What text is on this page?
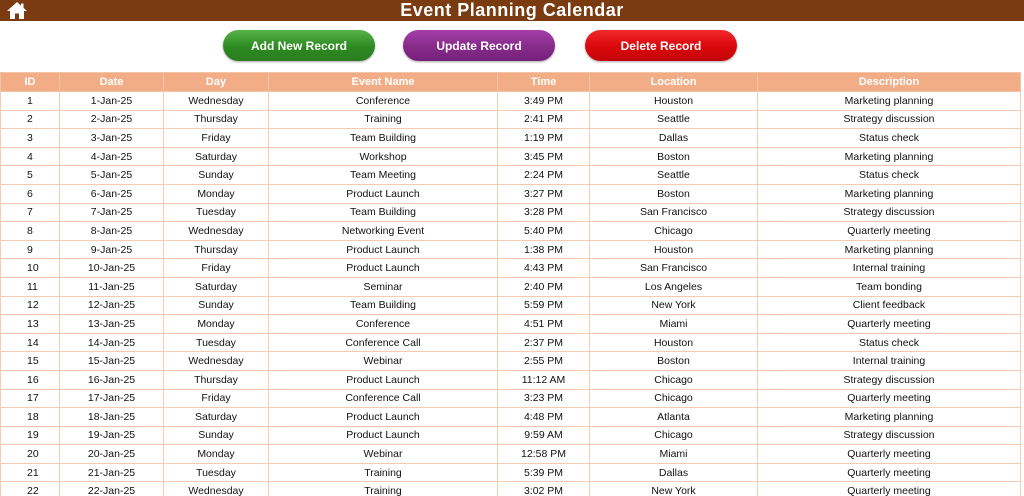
Event Planning Calendar
Add New Record	Update Record	Delete Record
ID	Date	Day	Event Name	Time	Location	Description
1	1-Jan-25	Wednesday	Conference	3:49 PM	Houston	Marketing planning
2	2-Jan-25	Thursday	Training	2:41 PM	Seattle	Strategy discussion
3	3-Jan-25	Friday	Team Building	1:19 PM	Dallas	Status check
4	4-Jan-25	Saturday	Workshop	3:45 PM	Boston	Marketing planning
5	5-Jan-25	Sunday	Team Meeting	2:24 PM	Seattle	Status check
6	6-Jan-25	Monday	Product Launch	3:27 PM	Boston	Marketing planning
7	7-Jan-25	Tuesday	Team Building	3:28 PM	San Francisco	Strategy discussion
8	8-Jan-25	Wednesday	Networking Event	5:40 PM	Chicago	Quarterly meeting
9	9-Jan-25	Thursday	Product Launch	1:38 PM	Houston	Marketing planning
10	10-Jan-25	Friday	Product Launch	4:43 PM	San Francisco	Internal training
11	11-Jan-25	Saturday	Seminar	2:40 PM	Los Angeles	Team bonding
12	12-Jan-25	Sunday	Team Building	5:59 PM	New York	Client feedback
13	13-Jan-25	Monday	Conference	4:51 PM	Miami	Quarterly meeting
14	14-Jan-25	Tuesday	Conference Call	2:37 PM	Houston	Status check
15	15-Jan-25	Wednesday	Webinar	2:55 PM	Boston	Internal training
16	16-Jan-25	Thursday	Product Launch	11:12 AM	Chicago	Strategy discussion
17	17-Jan-25	Friday	Conference Call	3:23 PM	Chicago	Quarterly meeting
18	18-Jan-25	Saturday	Product Launch	4:48 PM	Atlanta	Marketing planning
19	19-Jan-25	Sunday	Product Launch	9:59 AM	Chicago	Strategy discussion
20	20-Jan-25	Monday	Webinar	12:58 PM	Miami	Quarterly meeting
21	21-Jan-25	Tuesday	Training	5:39 PM	Dallas	Quarterly meeting
22	22-Jan-25	Wednesday	Training	3:02 PM	New York	Quarterly meeting
